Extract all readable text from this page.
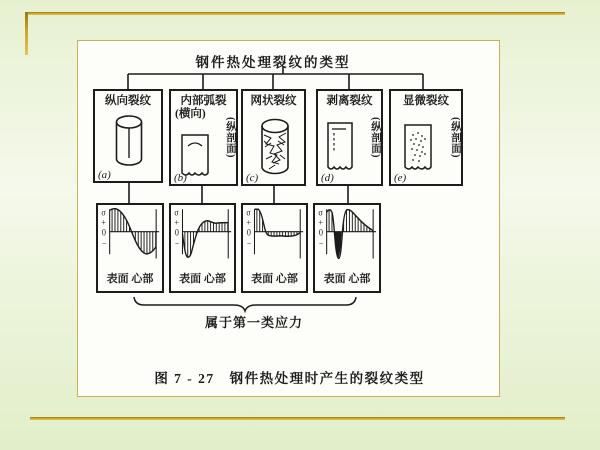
钢件热处理裂纹的类型
纵向裂纹
(a)
内部弧裂
(横向)
(纵剖面)
(b)
网状裂纹
(c)
剥离裂纹
(纵剖面)
(d)
显微裂纹
(纵剖面)
(e)
σ
+
0
−
表面 心部
σ
+
0
−
表面 心部
σ
+
0
−
表面 心部
σ
+
0
−
表面 心部
属于第一类应力
图 7 - 27　钢件热处理时产生的裂纹类型
